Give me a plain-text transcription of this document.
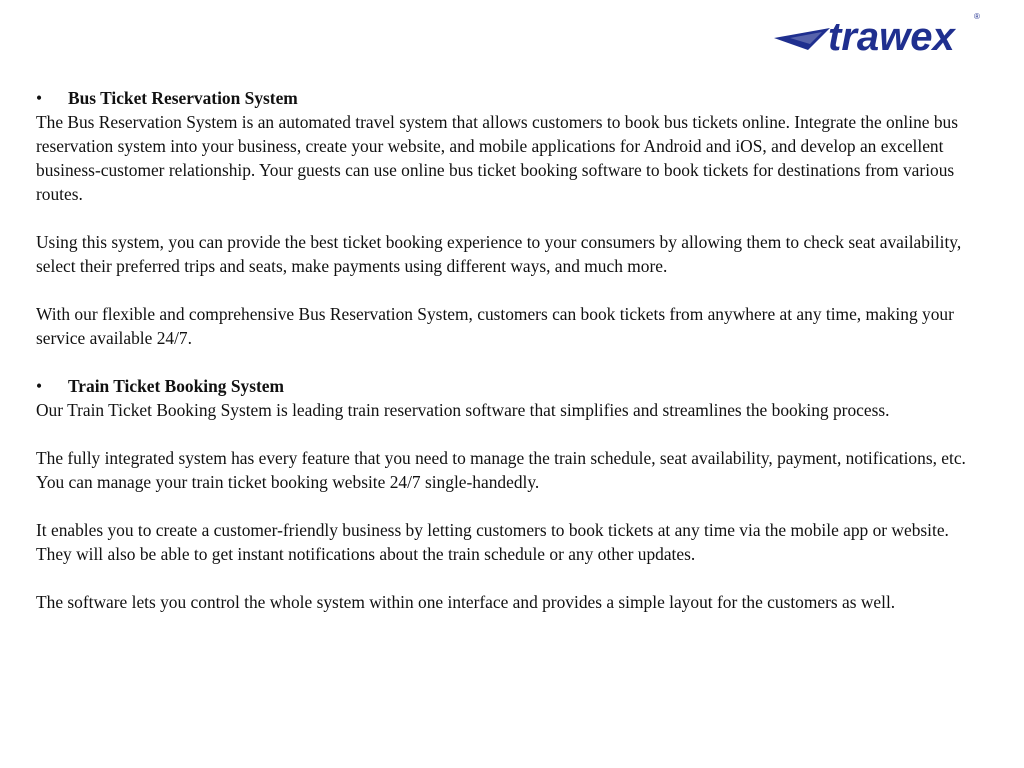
trawex ®
•	Bus Ticket Reservation System

The Bus Reservation System is an automated travel system that allows customers to book bus tickets online. Integrate the online bus reservation system into your business, create your website, and mobile applications for Android and iOS, and develop an excellent business-customer relationship. Your guests can use online bus ticket booking software to book tickets for destinations from various routes.

Using this system, you can provide the best ticket booking experience to your consumers by allowing them to check seat availability, select their preferred trips and seats, make payments using different ways, and much more.

With our flexible and comprehensive Bus Reservation System, customers can book tickets from anywhere at any time, making your service available 24/7.

•	Train Ticket Booking System

Our Train Ticket Booking System is leading train reservation software that simplifies and streamlines the booking process.

The fully integrated system has every feature that you need to manage the train schedule, seat availability, payment, notifications, etc. You can manage your train ticket booking website 24/7 single-handedly.

It enables you to create a customer-friendly business by letting customers to book tickets at any time via the mobile app or website. They will also be able to get instant notifications about the train schedule or any other updates.

The software lets you control the whole system within one interface and provides a simple layout for the customers as well.
